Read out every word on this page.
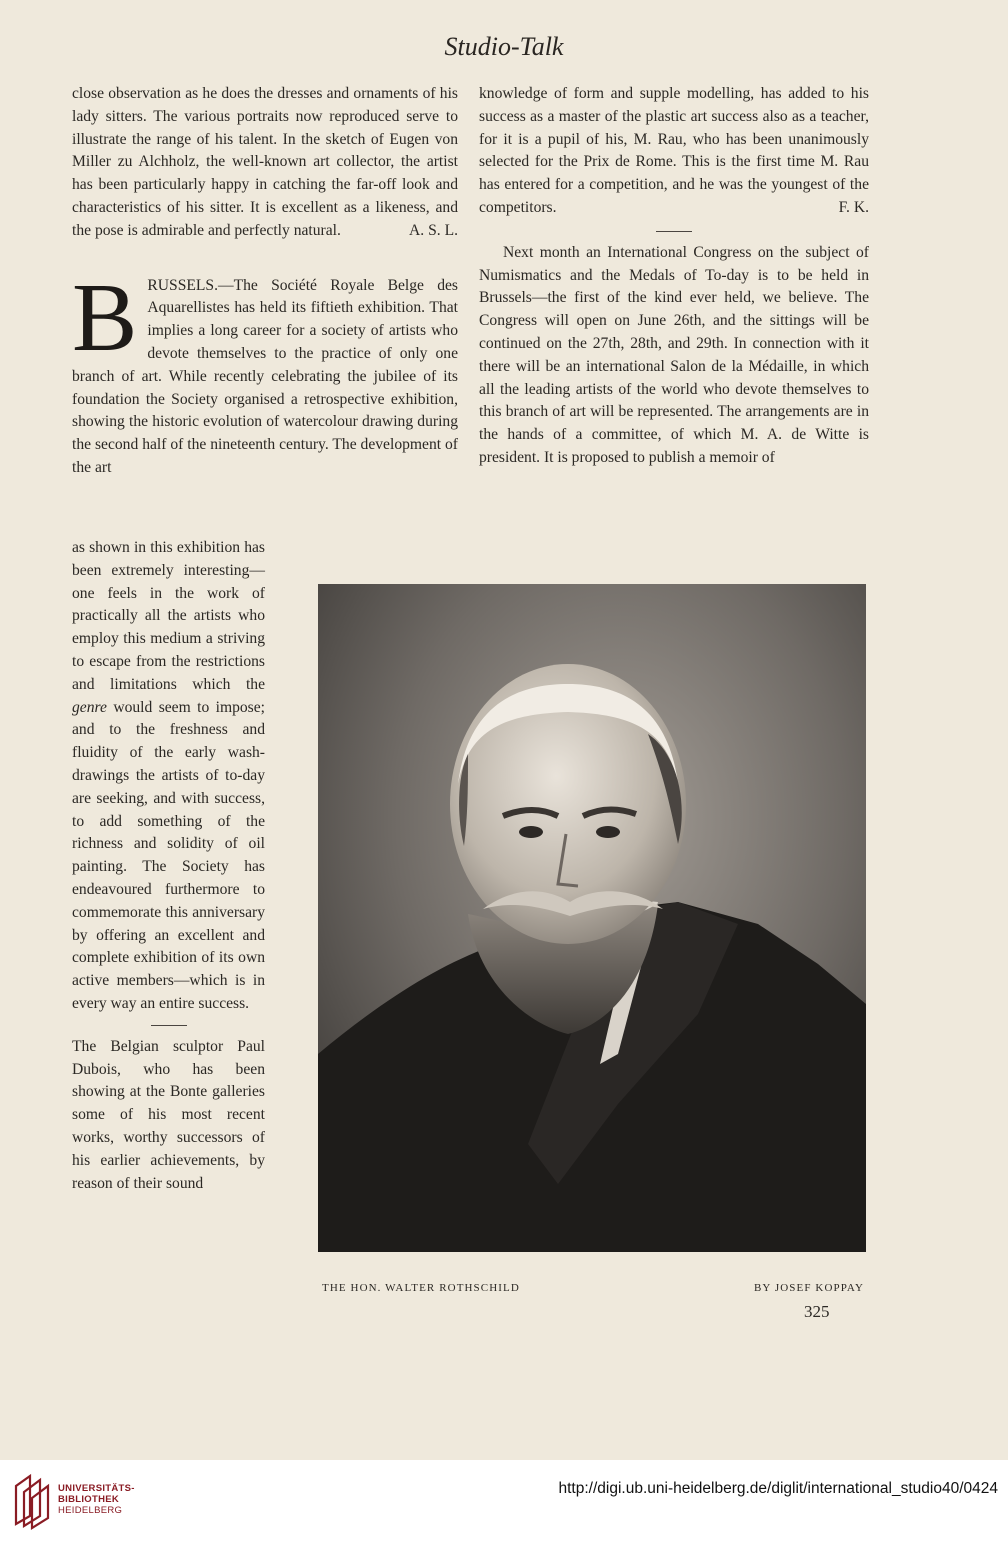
Studio-Talk

close observation as he does the dresses and ornaments of his lady sitters. The various portraits now reproduced serve to illustrate the range of his talent. In the sketch of Eugen von Miller zu Alchholz, the well-known art collector, the artist has been particularly happy in catching the far-off look and characteristics of his sitter. It is excellent as a likeness, and the pose is admirable and perfectly natural.	A. S. L.

BRUSSELS.—The Société Royale Belge des Aquarellistes has held its fiftieth exhibition. That implies a long career for a society of artists who devote themselves to the practice of only one branch of art. While recently celebrating the jubilee of its foundation the Society organised a retrospective exhibition, showing the historic evolution of watercolour drawing during the second half of the nineteenth century. The development of the art

as shown in this exhibition has been extremely interesting—one feels in the work of practically all the artists who employ this medium a striving to escape from the restrictions and limitations which the genre would seem to impose; and to the freshness and fluidity of the early wash-drawings the artists of to-day are seeking, and with success, to add something of the richness and solidity of oil painting. The Society has endeavoured furthermore to commemorate this anniversary by offering an excellent and complete exhibition of its own active members—which is in every way an entire success.

The Belgian sculptor Paul Dubois, who has been showing at the Bonte galleries some of his most recent works, worthy successors of his earlier achievements, by reason of their sound

knowledge of form and supple modelling, has added to his success as a master of the plastic art success also as a teacher, for it is a pupil of his, M. Rau, who has been unanimously selected for the Prix de Rome. This is the first time M. Rau has entered for a competition, and he was the youngest of the competitors.	F. K.

Next month an International Congress on the subject of Numismatics and the Medals of To-day is to be held in Brussels—the first of the kind ever held, we believe. The Congress will open on June 26th, and the sittings will be continued on the 27th, 28th, and 29th. In connection with it there will be an international Salon de la Médaille, in which all the leading artists of the world who devote themselves to this branch of art will be represented. The arrangements are in the hands of a committee, of which M. A. de Witte is president. It is proposed to publish a memoir of

THE HON. WALTER ROTHSCHILD	BY JOSEF KOPPAY
325
UNIVERSITÄTS-
BIBLIOTHEK
HEIDELBERG
http://digi.ub.uni-heidelberg.de/diglit/international_studio40/0424
